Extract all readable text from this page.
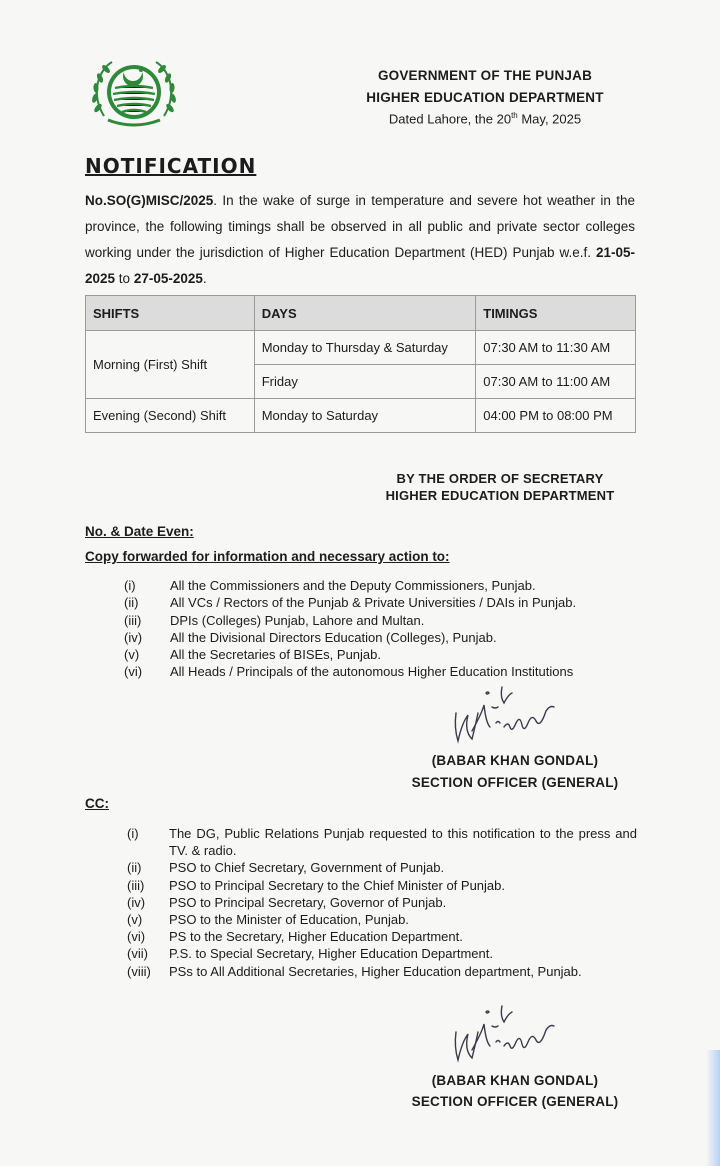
GOVERNMENT OF THE PUNJAB
HIGHER EDUCATION DEPARTMENT
Dated Lahore, the 20th May, 2025
NOTIFICATION
No.SO(G)MISC/2025. In the wake of surge in temperature and severe hot weather in the province, the following timings shall be observed in all public and private sector colleges working under the jurisdiction of Higher Education Department (HED) Punjab w.e.f. 21-05-2025 to 27-05-2025.
SHIFTS	DAYS	TIMINGS
Morning (First) Shift	Monday to Thursday & Saturday	07:30 AM to 11:30 AM
	Friday	07:30 AM to 11:00 AM
Evening (Second) Shift	Monday to Saturday	04:00 PM to 08:00 PM
BY THE ORDER OF SECRETARY
HIGHER EDUCATION DEPARTMENT
No. & Date Even:
Copy forwarded for information and necessary action to:
(i)	All the Commissioners and the Deputy Commissioners, Punjab.
(ii)	All VCs / Rectors of the Punjab & Private Universities / DAIs in Punjab.
(iii)	DPIs (Colleges) Punjab, Lahore and Multan.
(iv)	All the Divisional Directors Education (Colleges), Punjab.
(v)	All the Secretaries of BISEs, Punjab.
(vi)	All Heads / Principals of the autonomous Higher Education Institutions
(BABAR KHAN GONDAL)
SECTION OFFICER (GENERAL)
CC:
(i)	The DG, Public Relations Punjab requested to this notification to the press and TV. & radio.
(ii)	PSO to Chief Secretary, Government of Punjab.
(iii)	PSO to Principal Secretary to the Chief Minister of Punjab.
(iv)	PSO to Principal Secretary, Governor of Punjab.
(v)	PSO to the Minister of Education, Punjab.
(vi)	PS to the Secretary, Higher Education Department.
(vii)	P.S. to Special Secretary, Higher Education Department.
(viii)	PSs to All Additional Secretaries, Higher Education department, Punjab.
(BABAR KHAN GONDAL)
SECTION OFFICER (GENERAL)
